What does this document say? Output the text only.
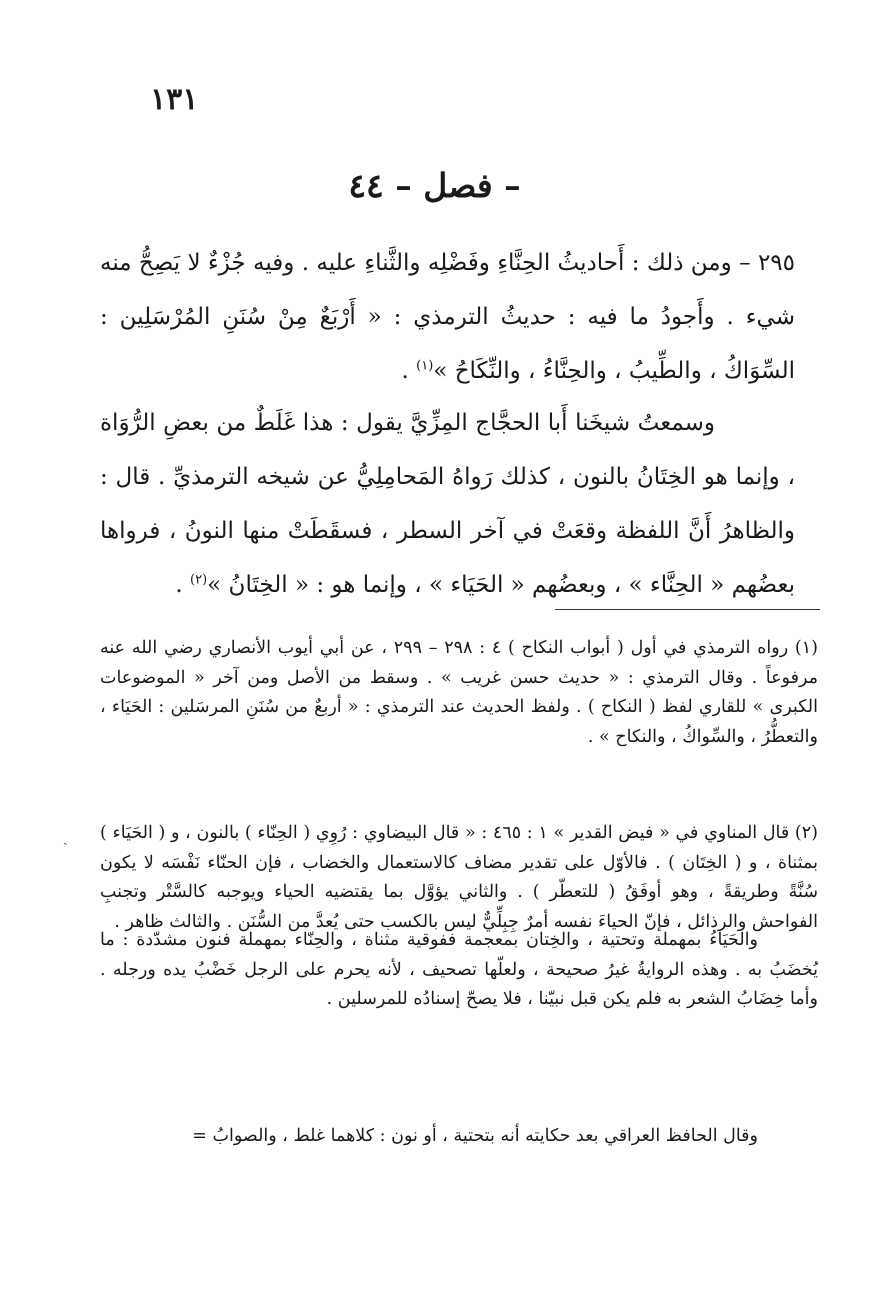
١٣١
فصل – ٤٤ –

٢٩٥ – ومن ذلك : أَحاديثُ الحِنَّاءِ وفَضْلِه والثَّناءِ عليه . وفيه جُزْءٌ لا يَصِحُّ منه شيء . وأَجودُ ما فيه : حديثُ الترمذي : « أَرْبَعٌ مِنْ سُنَنِ المُرْسَلِين : السِّوَاكُ ، والطِّيبُ ، والحِنَّاءُ ، والنِّكَاحُ »$^{(١)}$ .

وسمعتُ شيخَنا أَبا الحجَّاج المِزِّيَّ يقول : هذا غَلَطٌ من بعضِ الرُّوَاة ، وإنما هو الخِتَانُ بالنون ، كذلك رَواهُ المَحامِلِيُّ عن شيخه الترمذيِّ . قال : والظاهرُ أَنَّ اللفظة وقعَتْ في آخر السطر ، فسقَطَتْ منها النونُ ، فرواها بعضُهم « الحِنَّاء » ، وبعضُهم « الحَيَاء » ، وإنما هو : « الخِتَانُ »$^{(٢)}$ .

(١) رواه الترمذي في أول ( أبواب النكاح ) ٤ : ٢٩٨ – ٢٩٩ ، عن أبي أيوب الأنصاري رضي الله عنه مرفوعاً . وقال الترمذي : « حديث حسن غريب » . وسقط من الأصل ومن آخر « الموضوعات الكبرى » للقاري لفظ ( النكاح ) . ولفظ الحديث عند الترمذي : « أربعٌ من سُنَنِ المرسَلين : الحَيَاء ، والتعطُّرُ ، والسِّواكُ ، والنكاح » .

(٢) قال المناوي في « فيض القدير » ١ : ٤٦٥ : « قال البيضاوي : رُوِي ( الحِنّاء ) بالنون ، و ( الحَيَاء ) بمثناة ، و ( الخِتَان ) . فالأوّل على تقدير مضاف كالاستعمال والخضاب ، فإن الحنّاء نَفْسَه لا يكون سُنَّةً وطريقةً ، وهو أوفَقُ ( للتعطّر ) . والثاني يؤوَّل بما يقتضيه الحياء ويوجبه كالسَّتْر وتجنبِ الفواحش والرذائل ، فإنّ الحياءَ نفسه أمرٌ جِبِلِّيٌّ ليس بالكسب حتى يُعدَّ من السُّنَن . والثالث ظاهر .

والحَيَاءُ بمهملة وتحتية ، والخِتان بمعجمة ففوقية مثناة ، والحِنّاء بمهملة فنون مشدّدة : ما يُخضَبُ به . وهذه الروايةُ غيرُ صحيحة ، ولعلّها تصحيف ، لأنه يحرم على الرجل خَضْبُ يده ورجله . وأما خِضَابُ الشعر به فلم يكن قبل نبيّنا ، فلا يصحّ إسنادُه للمرسلين .

وقال الحافظ العراقي بعد حكايته أنه بتحتية ، أو نون : كلاهما غلط ، والصوابُ =

ˏ
